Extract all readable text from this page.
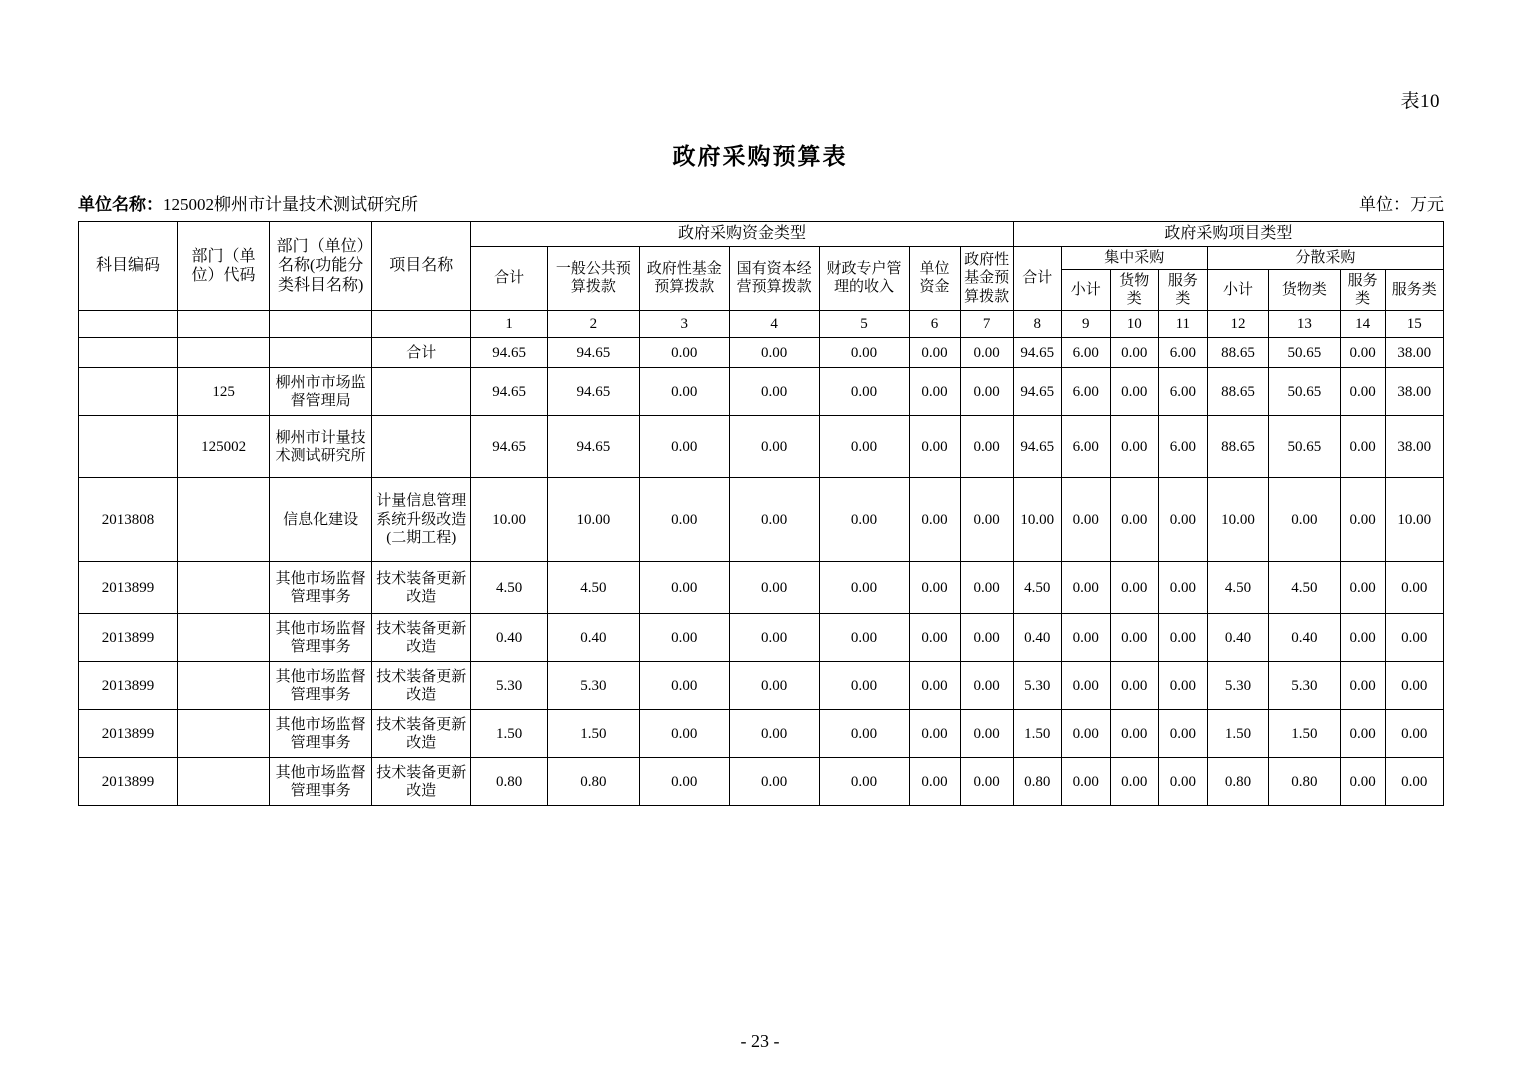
表10
政府采购预算表
单位名称：125002柳州市计量技术测试研究所	单位：万元
科目编码	部门（单位）代码	部门（单位）名称(功能分类科目名称)	项目名称	政府采购资金类型							政府采购项目类型							
				合计	一般公共预算拨款	政府性基金预算拨款	国有资本经营预算拨款	财政专户管理的收入	单位资金	政府性基金预算拨款	合计	集中采购			分散采购			
												小计	货物类	服务类	小计	货物类	服务类	服务类
				1	2	3	4	5	6	7	8	9	10	11	12	13	14	15
			合计	94.65	94.65	0.00	0.00	0.00	0.00	0.00	94.65	6.00	0.00	6.00	88.65	50.65	0.00	38.00
	125	柳州市市场监督管理局		94.65	94.65	0.00	0.00	0.00	0.00	0.00	94.65	6.00	0.00	6.00	88.65	50.65	0.00	38.00
	125002	柳州市计量技术测试研究所		94.65	94.65	0.00	0.00	0.00	0.00	0.00	94.65	6.00	0.00	6.00	88.65	50.65	0.00	38.00
2013808		信息化建设	计量信息管理系统升级改造(二期工程)	10.00	10.00	0.00	0.00	0.00	0.00	0.00	10.00	0.00	0.00	0.00	10.00	0.00	0.00	10.00
2013899		其他市场监督管理事务	技术装备更新改造	4.50	4.50	0.00	0.00	0.00	0.00	0.00	4.50	0.00	0.00	0.00	4.50	4.50	0.00	0.00
2013899		其他市场监督管理事务	技术装备更新改造	0.40	0.40	0.00	0.00	0.00	0.00	0.00	0.40	0.00	0.00	0.00	0.40	0.40	0.00	0.00
2013899		其他市场监督管理事务	技术装备更新改造	5.30	5.30	0.00	0.00	0.00	0.00	0.00	5.30	0.00	0.00	0.00	5.30	5.30	0.00	0.00
2013899		其他市场监督管理事务	技术装备更新改造	1.50	1.50	0.00	0.00	0.00	0.00	0.00	1.50	0.00	0.00	0.00	1.50	1.50	0.00	0.00
2013899		其他市场监督管理事务	技术装备更新改造	0.80	0.80	0.00	0.00	0.00	0.00	0.00	0.80	0.00	0.00	0.00	0.80	0.80	0.00	0.00
- 23 -
